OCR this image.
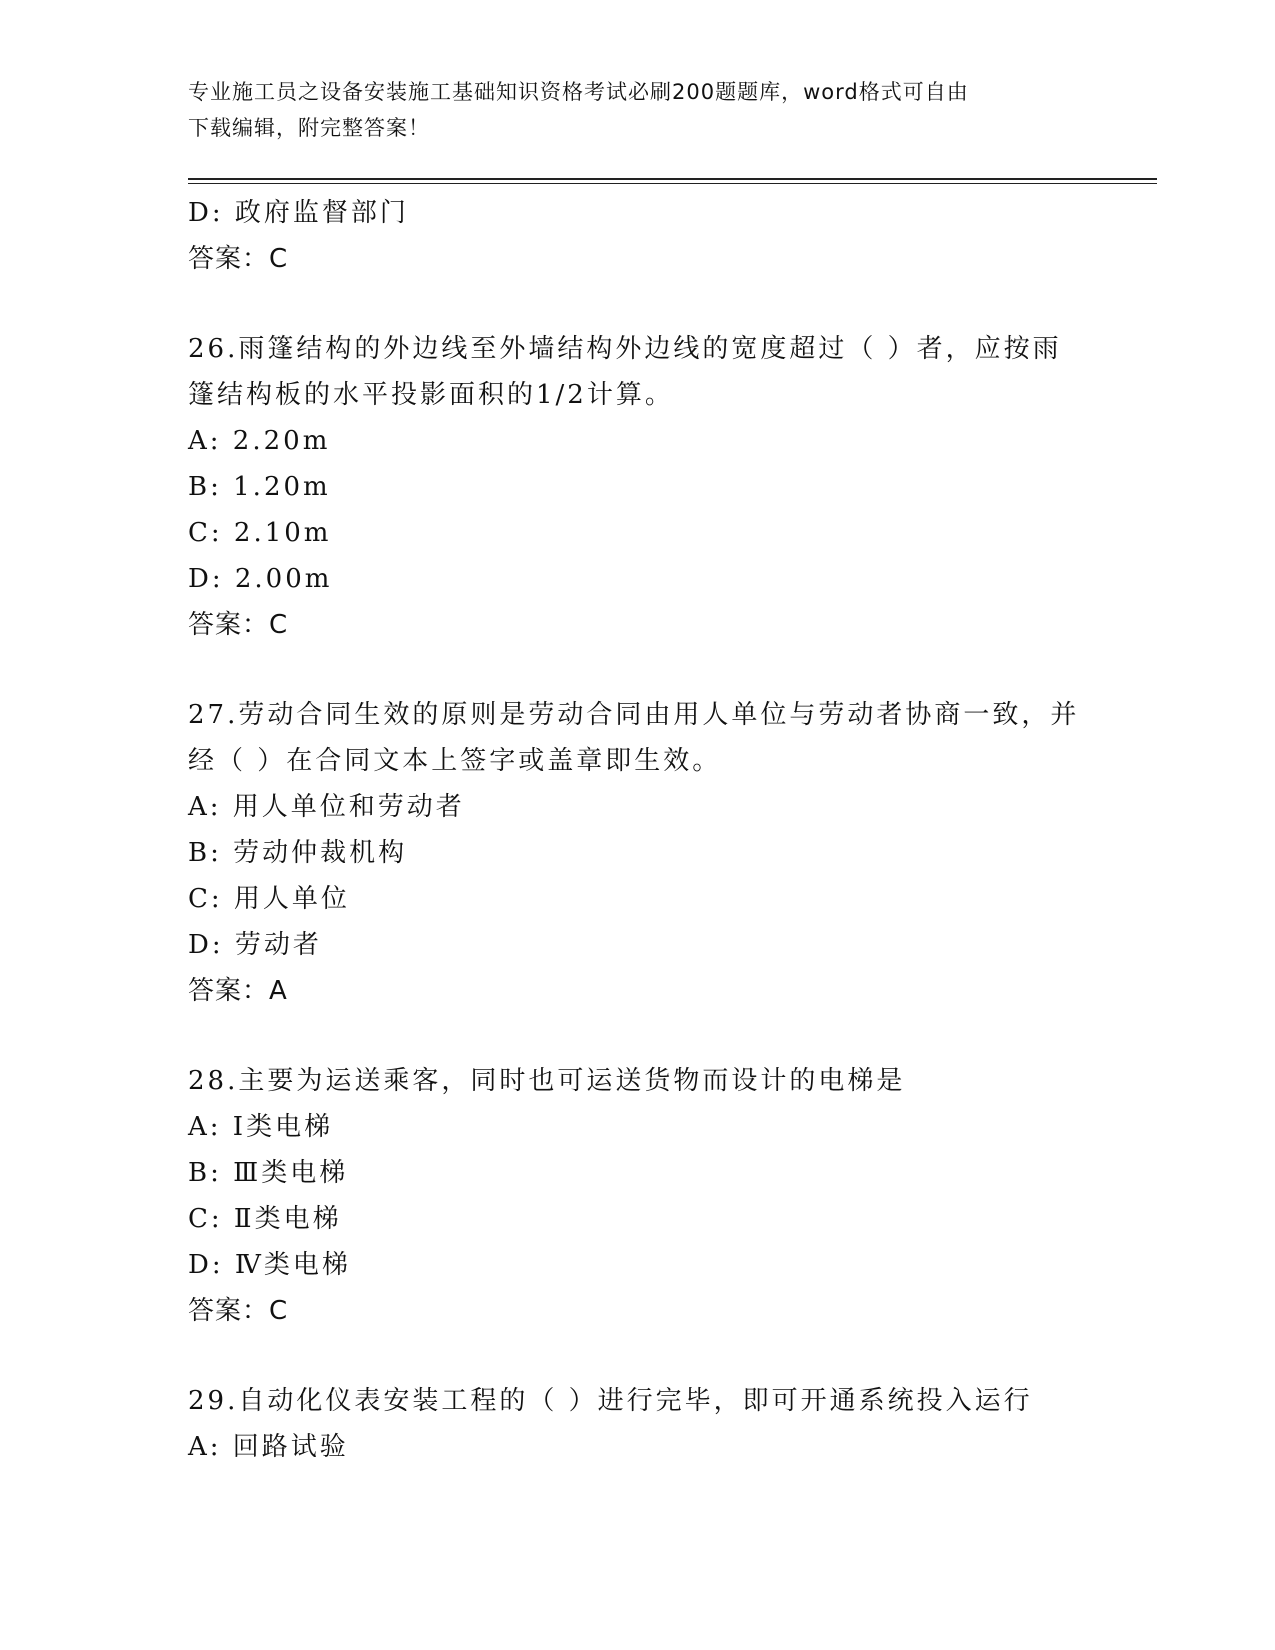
专业施工员之设备安装施工基础知识资格考试必刷200题题库，word格式可自由
下载编辑，附完整答案！
D: 政府监督部门
答案：C
26.雨篷结构的外边线至外墙结构外边线的宽度超过（ ）者，应按雨
篷结构板的水平投影面积的1/2计算。
A: 2.20m
B: 1.20m
C: 2.10m
D: 2.00m
答案：C
27.劳动合同生效的原则是劳动合同由用人单位与劳动者协商一致，并
经（ ）在合同文本上签字或盖章即生效。
A: 用人单位和劳动者
B: 劳动仲裁机构
C: 用人单位
D: 劳动者
答案：A
28.主要为运送乘客，同时也可运送货物而设计的电梯是
A: Ⅰ类电梯
B: Ⅲ类电梯
C: Ⅱ类电梯
D: Ⅳ类电梯
答案：C
29.自动化仪表安装工程的（ ）进行完毕，即可开通系统投入运行
A: 回路试验
